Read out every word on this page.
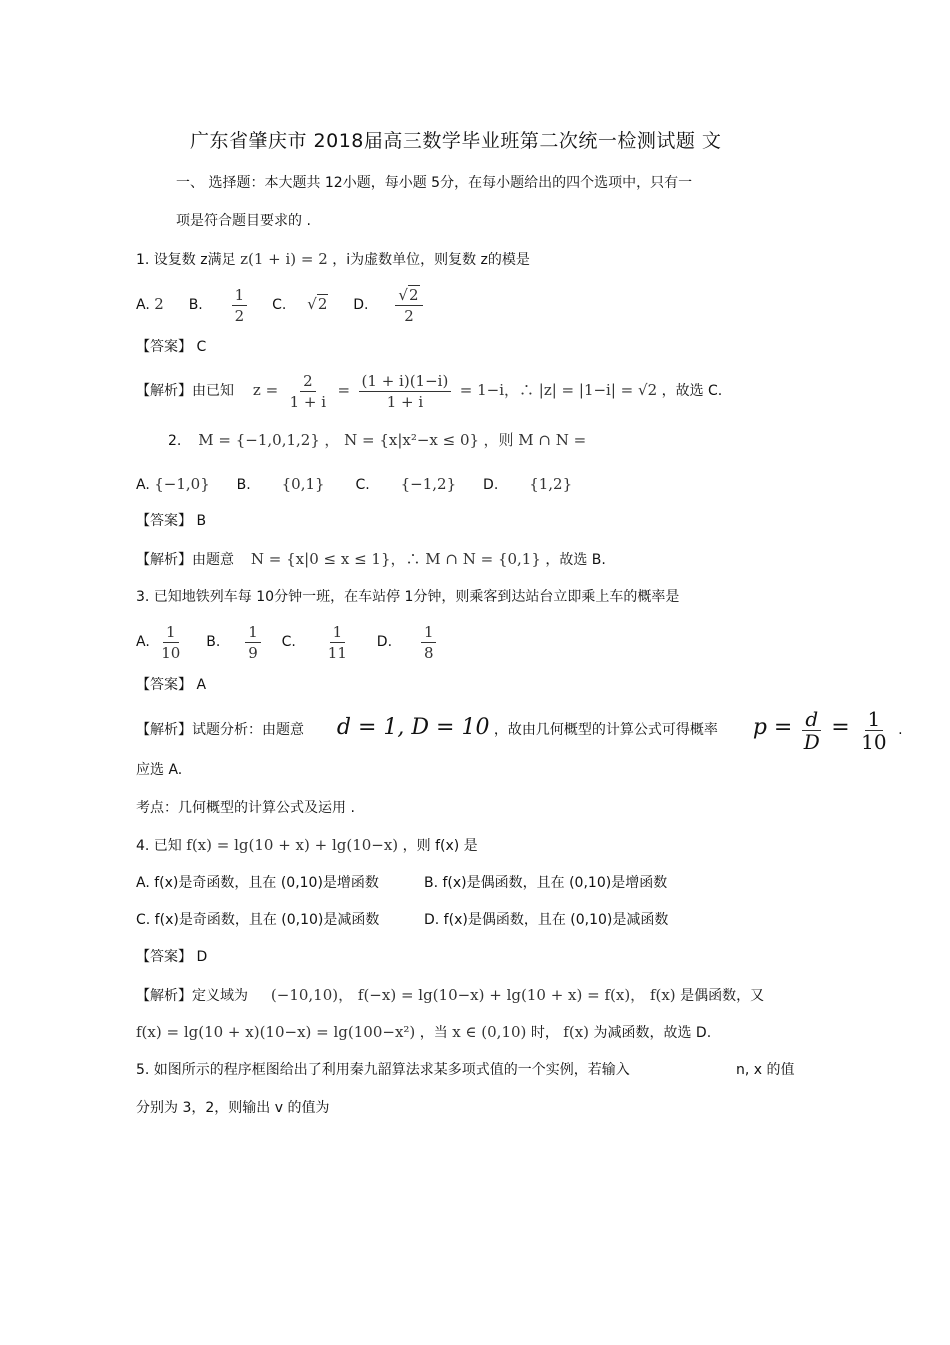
广东省肇庆市 2018届高三数学毕业班第二次统一检测试题 文
一、 选择题：本大题共 12小题，每小题 5分，在每小题给出的四个选项中，只有一
项是符合题目要求的 .
1. 设复数 z满足 z(1 + i) = 2 ，i为虚数单位，则复数 z的模是
A. 2 B. $\frac{1}{2} C$. √2 D. $\frac{√2}{2}$
【答案】 C
【解析】由已知 $z = \frac{2}{1 + i} = \frac{(1 + i)(1-i)}{1 + i} = 1-i$，∴ |z| = |1−i| = √2 ，故选 C.
2. M = {−1,0,1,2} ， N = {x|x²−x ≤ 0} ，则 M ∩ N =
A. {−1,0} B. {0,1} C. {−1,2} D. {1,2}
【答案】 B
【解析】由题意 N = {x|0 ≤ x ≤ 1}，∴ M ∩ N = {0,1} ，故选 B.
3. 已知地铁列车每 10分钟一班，在车站停 1分钟，则乘客到达站台立即乘上车的概率是
A. $\frac{1}{10} B$. $\frac{1}{9} C$. $\frac{1}{11} D$. $\frac{1}{8}$
【答案】 A
【解析】试题分析：由题意 d = 1, D = 10 ，故由几何概型的计算公式可得概率 $p = \frac{d}{D} = \frac{1}{10}$ .
应选 A.
考点：几何概型的计算公式及运用 .
4. 已知 f(x) = lg(10 + x) + lg(10−x) ，则 f(x) 是
A. f(x)是奇函数，且在 (0,10)是增函数	B. f(x)是偶函数，且在 (0,10)是增函数
C. f(x)是奇函数，且在 (0,10)是减函数	D. f(x)是偶函数，且在 (0,10)是减函数
【答案】 D
【解析】定义域为 (−10,10)， f(−x) = lg(10−x) + lg(10 + x) = f(x)， f(x) 是偶函数，又
f(x) = lg(10 + x)(10−x) = lg(100−x²) ，当 x ∈ (0,10) 时， f(x) 为减函数，故选 D.
5. 如图所示的程序框图给出了利用秦九韶算法求某多项式值的一个实例，若输入	n, x 的值
分别为 3，2，则输出 v 的值为
